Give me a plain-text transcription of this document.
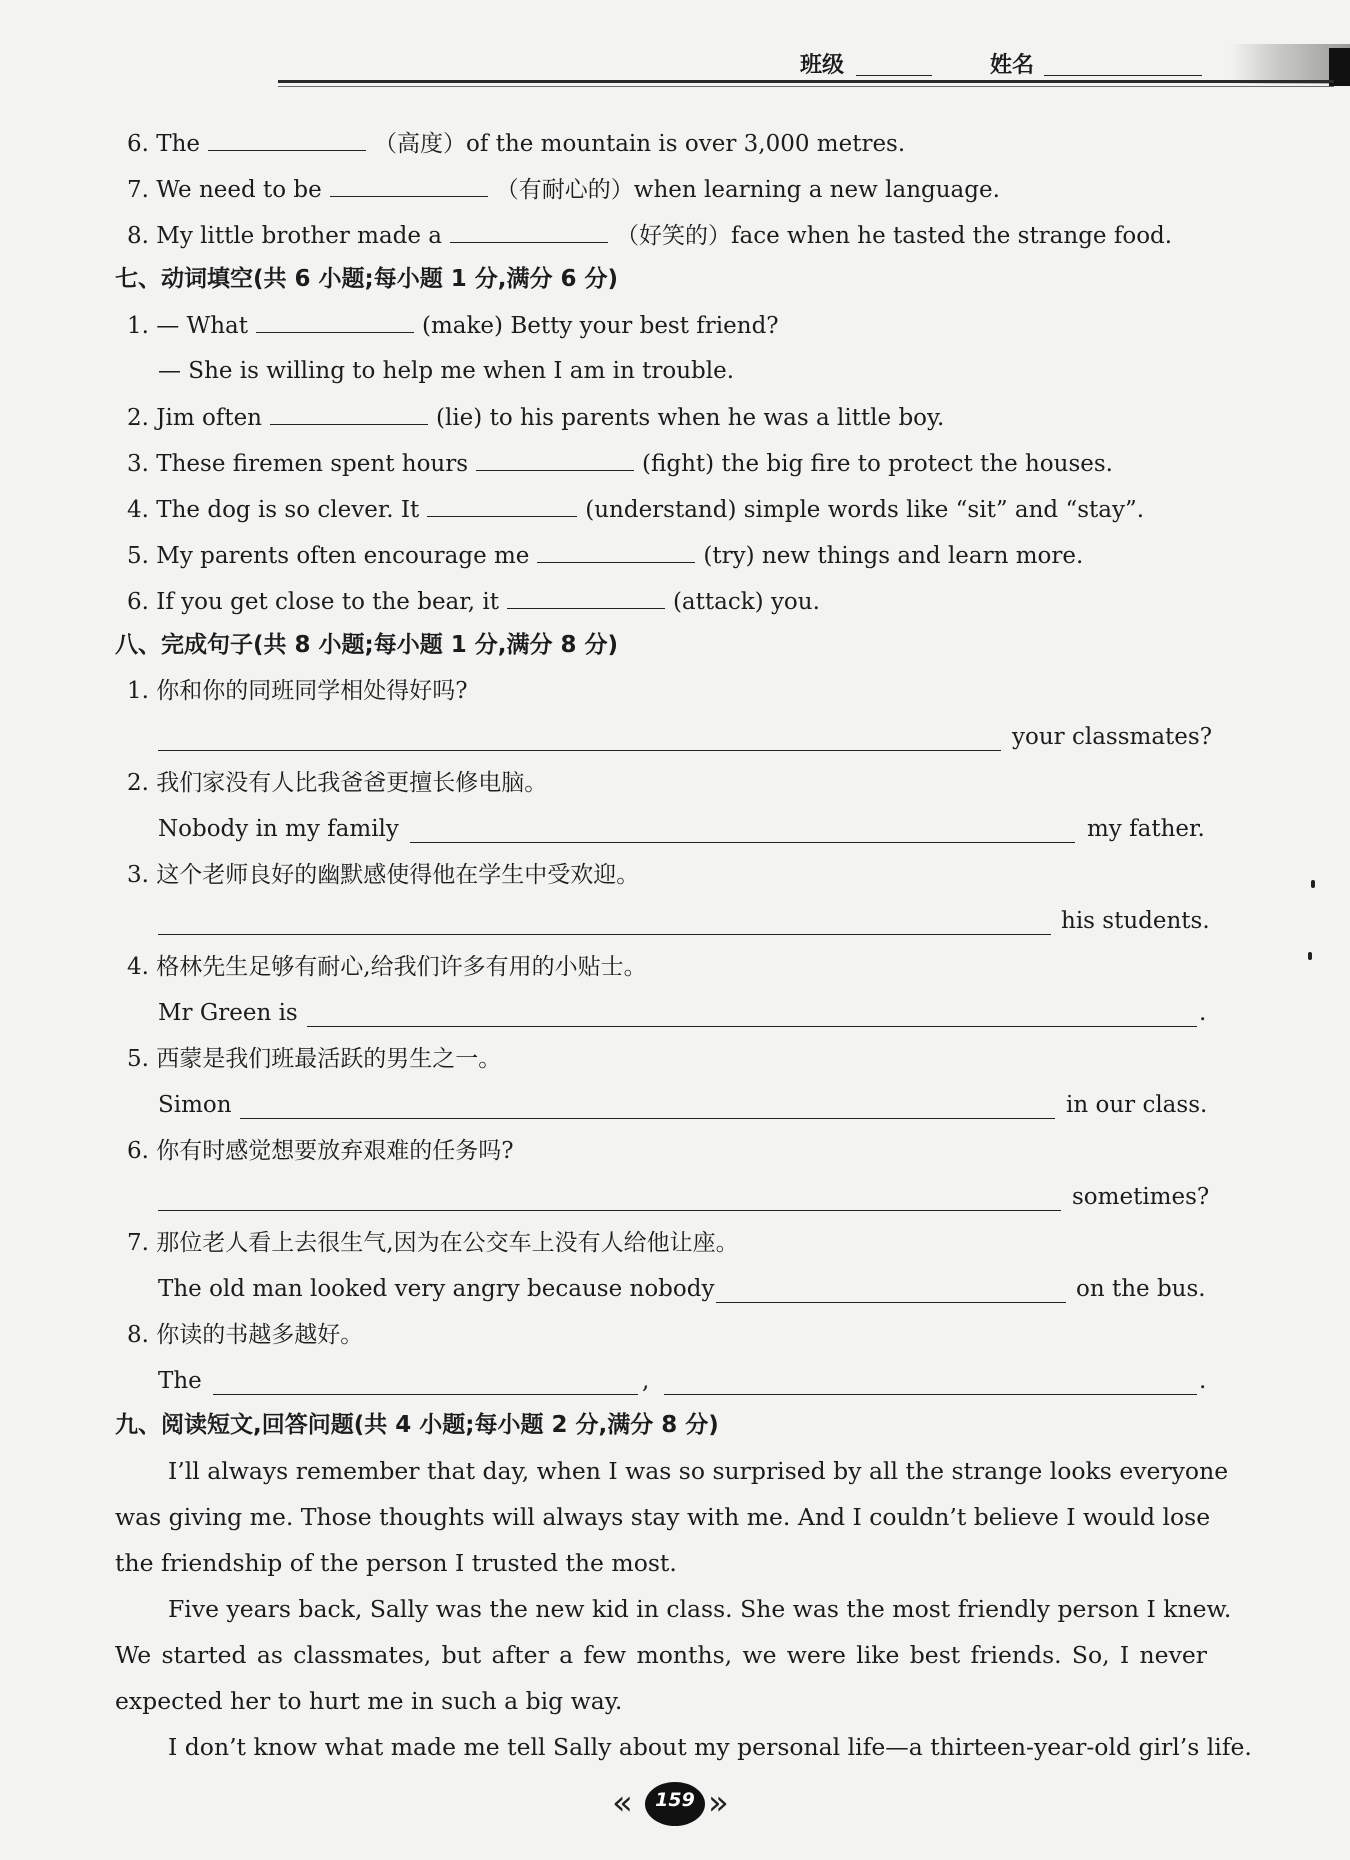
班级	姓名
6. The	（高度）of the mountain is over 3,000 metres.
7. We need to be	（有耐心的）when learning a new language.
8. My little brother made a	（好笑的）face when he tasted the strange food.
七、动词填空(共 6 小题;每小题 1 分,满分 6 分)
1. — What	(make) Betty your best friend?
— She is willing to help me when I am in trouble.
2. Jim often	(lie) to his parents when he was a little boy.
3. These firemen spent hours	(fight) the big fire to protect the houses.
4. The dog is so clever. It	(understand) simple words like “sit” and “stay”.
5. My parents often encourage me	(try) new things and learn more.
6. If you get close to the bear, it	(attack) you.
八、完成句子(共 8 小题;每小题 1 分,满分 8 分)
1. 你和你的同班同学相处得好吗?
your classmates?
2. 我们家没有人比我爸爸更擅长修电脑。
Nobody in my family	my father.
3. 这个老师良好的幽默感使得他在学生中受欢迎。
his students.
4. 格林先生足够有耐心,给我们许多有用的小贴士。
Mr Green is	.
5. 西蒙是我们班最活跃的男生之一。
Simon	in our class.
6. 你有时感觉想要放弃艰难的任务吗?
sometimes?
7. 那位老人看上去很生气,因为在公交车上没有人给他让座。
The old man looked very angry because nobody	on the bus.
8. 你读的书越多越好。
The	,	.
九、阅读短文,回答问题(共 4 小题;每小题 2 分,满分 8 分)
I’ll always remember that day, when I was so surprised by all the strange looks everyone
was giving me. Those thoughts will always stay with me. And I couldn’t believe I would lose
the friendship of the person I trusted the most.
Five years back, Sally was the new kid in class. She was the most friendly person I knew.
We started as classmates, but after a few months, we were like best friends. So, I never
expected her to hurt me in such a big way.
I don’t know what made me tell Sally about my personal life—a thirteen-year-old girl’s life.
«	159 »
